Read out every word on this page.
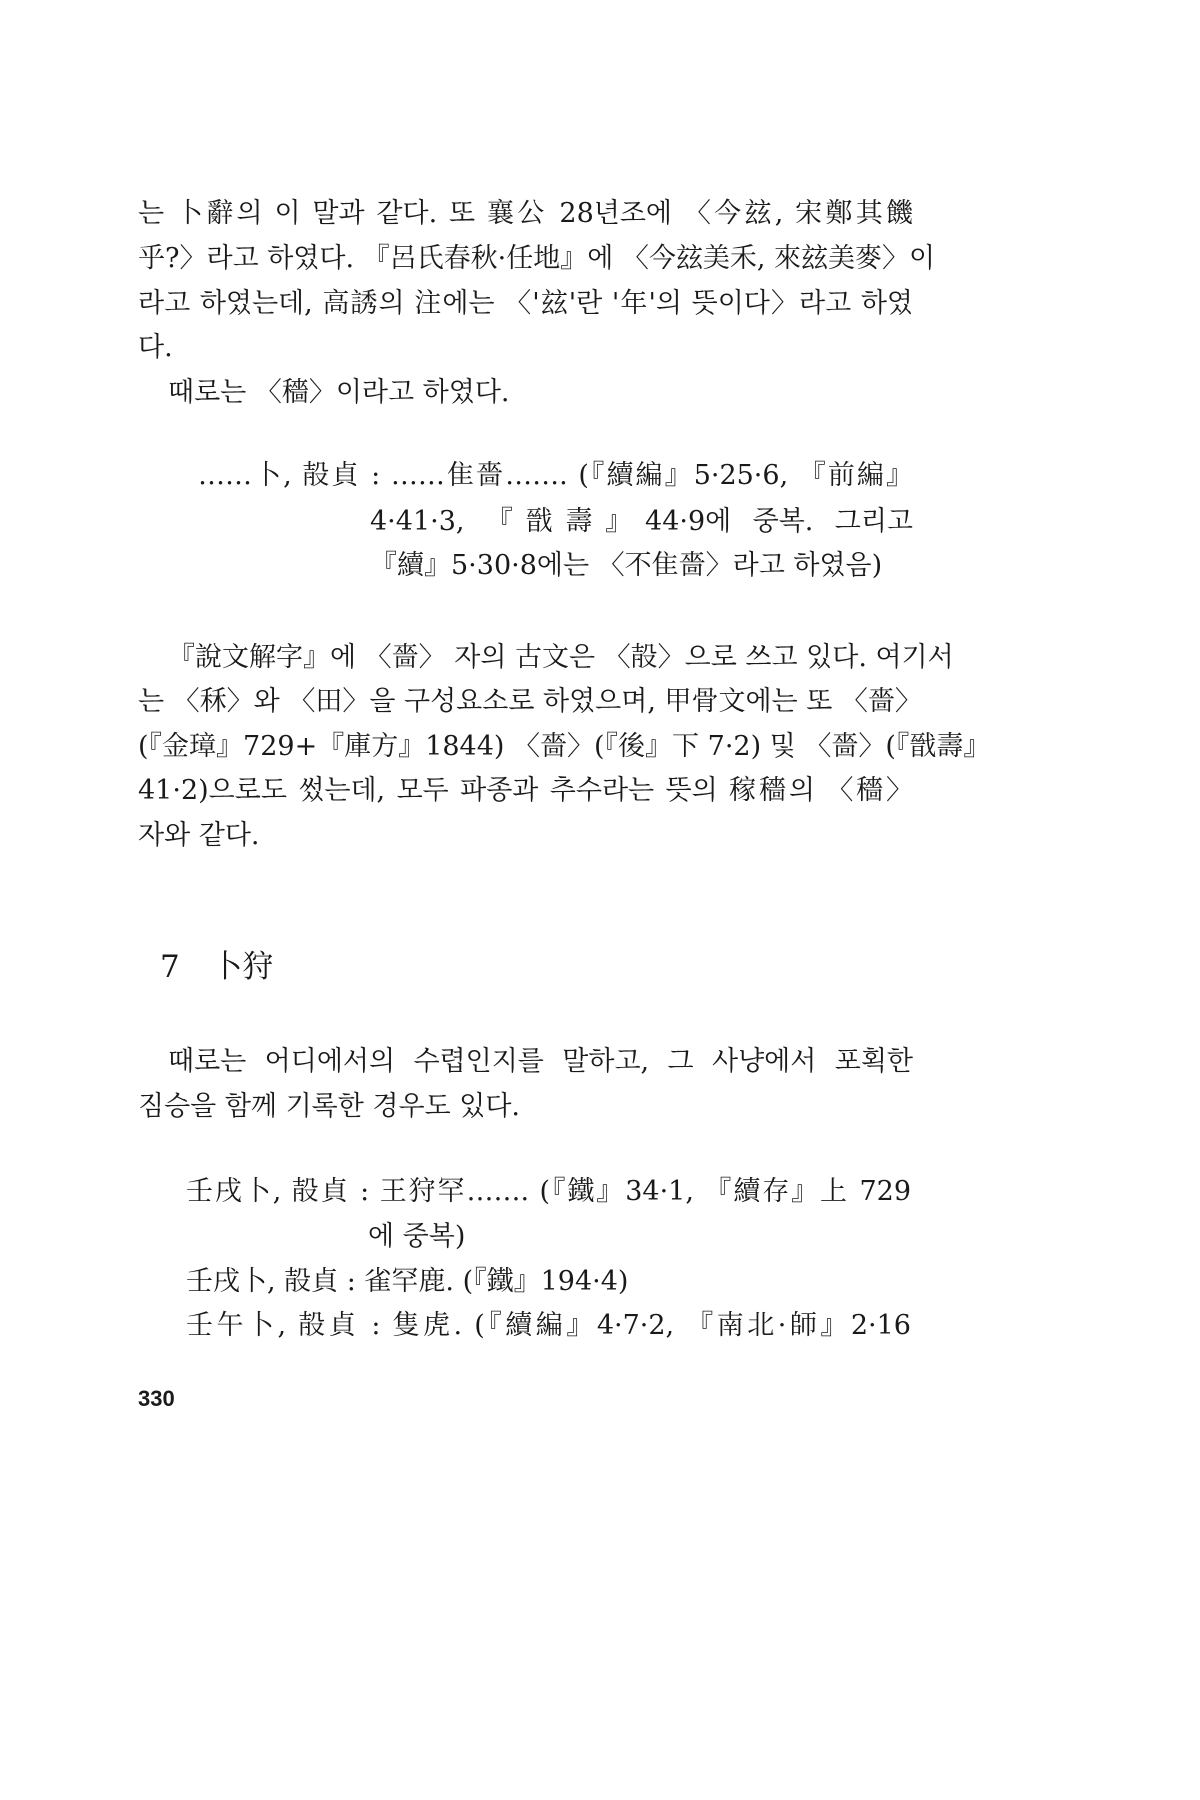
는 卜辭의 이 말과 같다. 또 襄公 28년조에 〈今玆, 宋鄭其饑
乎?〉라고 하였다. 『呂氏春秋·任地』에 〈今玆美禾, 來玆美麥〉이
라고 하였는데, 高誘의 注에는 〈'玆'란 '年'의 뜻이다〉라고 하였
다.
때로는 〈穡〉이라고 하였다.
……卜, 㱿貞 : ……隹嗇……. (『續編』5·25·6, 『前編』
4·41·3, 『戩壽』44·9에 중복. 그리고
『續』5·30·8에는 〈不隹嗇〉라고 하였음)
『說文解字』에 〈嗇〉 자의 古文은 〈㱿〉으로 쓰고 있다. 여기서
는 〈秝〉와 〈田〉을 구성요소로 하였으며, 甲骨文에는 또 〈嗇〉
(『金璋』729+『庫方』1844) 〈嗇〉(『後』下 7·2) 및 〈嗇〉(『戩壽』
41·2)으로도 썼는데, 모두 파종과 추수라는 뜻의 稼穡의 〈穡〉
자와 같다.
7 卜狩
때로는 어디에서의 수렵인지를 말하고, 그 사냥에서 포획한
짐승을 함께 기록한 경우도 있다.
壬戌卜, 㱿貞 : 王狩罕……. (『鐵』34·1, 『續存』上 729
에 중복)
壬戌卜, 㱿貞 : 雀罕鹿. (『鐵』194·4)
壬午卜, 㱿貞 : 隻虎. (『續編』4·7·2, 『南北·師』2·16
330
